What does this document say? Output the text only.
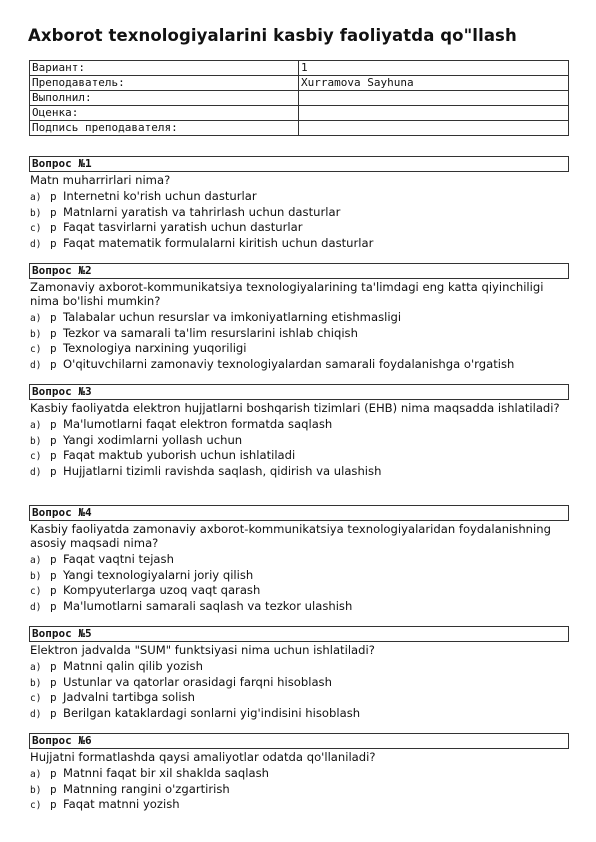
Axborot texnologiyalarini kasbiy faoliyatda qo"llash
Вариант:	1
Преподаватель:	Xurramova Sayhuna
Выполнил:	
Оценка:	
Подпись преподавателя:	
Вопрос №1
Matn muharrirlari nima?
a) p Internetni ko'rish uchun dasturlar
b) p Matnlarni yaratish va tahrirlash uchun dasturlar
c) p Faqat tasvirlarni yaratish uchun dasturlar
d) p Faqat matematik formulalarni kiritish uchun dasturlar
Вопрос №2
Zamonaviy axborot-kommunikatsiya texnologiyalarining ta'limdagi eng katta qiyinchiligi nima bo'lishi mumkin?
a) p Talabalar uchun resurslar va imkoniyatlarning etishmasligi
b) p Tezkor va samarali ta'lim resurslarini ishlab chiqish
c) p Texnologiya narxining yuqoriligi
d) p O'qituvchilarni zamonaviy texnologiyalardan samarali foydalanishga o'rgatish
Вопрос №3
Kasbiy faoliyatda elektron hujjatlarni boshqarish tizimlari (EHB) nima maqsadda ishlatiladi?
a) p Ma'lumotlarni faqat elektron formatda saqlash
b) p Yangi xodimlarni yollash uchun
c) p Faqat maktub yuborish uchun ishlatiladi
d) p Hujjatlarni tizimli ravishda saqlash, qidirish va ulashish
Вопрос №4
Kasbiy faoliyatda zamonaviy axborot-kommunikatsiya texnologiyalaridan foydalanishning asosiy maqsadi nima?
a) p Faqat vaqtni tejash
b) p Yangi texnologiyalarni joriy qilish
c) p Kompyuterlarga uzoq vaqt qarash
d) p Ma'lumotlarni samarali saqlash va tezkor ulashish
Вопрос №5
Elektron jadvalda "SUM" funktsiyasi nima uchun ishlatiladi?
a) p Matnni qalin qilib yozish
b) p Ustunlar va qatorlar orasidagi farqni hisoblash
c) p Jadvalni tartibga solish
d) p Berilgan kataklardagi sonlarni yig'indisini hisoblash
Вопрос №6
Hujjatni formatlashda qaysi amaliyotlar odatda qo'llaniladi?
a) p Matnni faqat bir xil shaklda saqlash
b) p Matnning rangini o'zgartirish
c) p Faqat matnni yozish
